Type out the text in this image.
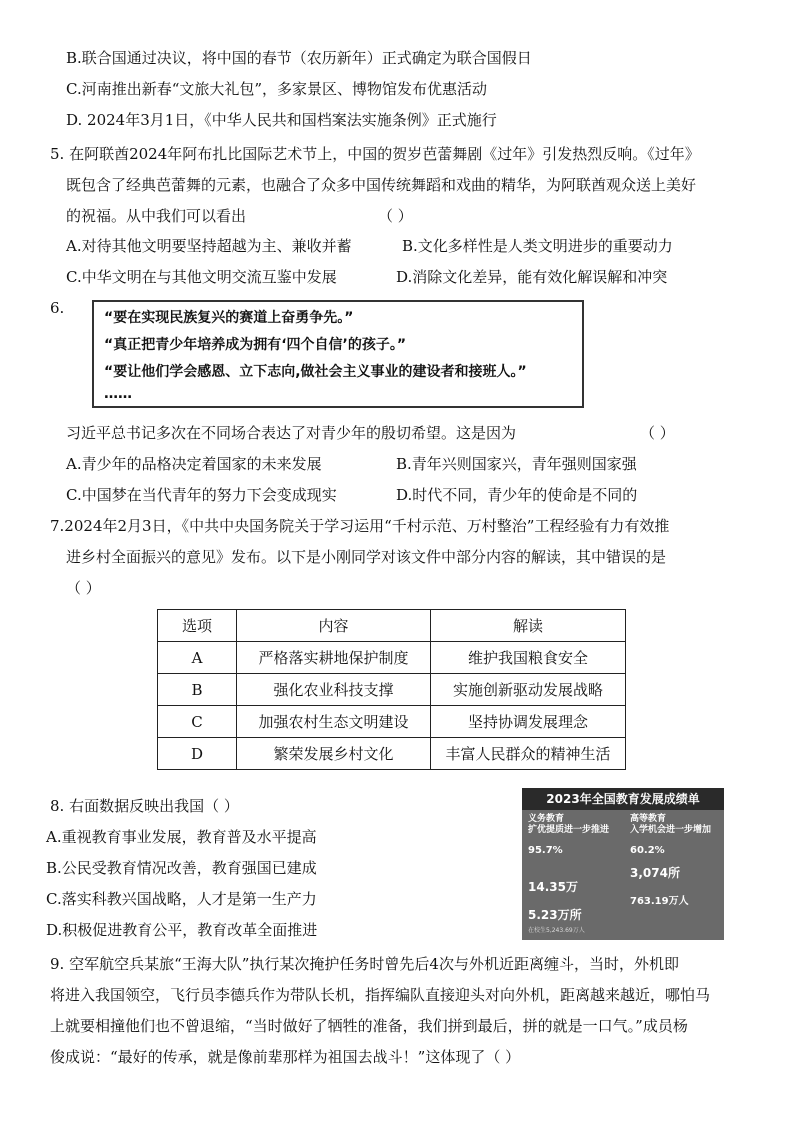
B.联合国通过决议，将中国的春节（农历新年）正式确定为联合国假日
C.河南推出新春“文旅大礼包”，多家景区、博物馆发布优惠活动
D. 2024年3月1日，《中华人民共和国档案法实施条例》正式施行
5. 在阿联酋2024年阿布扎比国际艺术节上，中国的贺岁芭蕾舞剧《过年》引发热烈反响。《过年》
既包含了经典芭蕾舞的元素，也融合了众多中国传统舞蹈和戏曲的精华，为阿联酋观众送上美好
的祝福。从中我们可以看出	（ ）
A.对待其他文明要坚持超越为主、兼收并蓄	B.文化多样性是人类文明进步的重要动力
C.中华文明在与其他文明交流互鉴中发展	D.消除文化差异，能有效化解误解和冲突
6.
“要在实现民族复兴的赛道上奋勇争先。”
“真正把青少年培养成为拥有‘四个自信’的孩子。”
“要让他们学会感恩、立下志向,做社会主义事业的建设者和接班人。”
……
习近平总书记多次在不同场合表达了对青少年的殷切希望。这是因为	（ ）
A.青少年的品格决定着国家的未来发展	B.青年兴则国家兴，青年强则国家强
C.中国梦在当代青年的努力下会变成现实	D.时代不同，青少年的使命是不同的
7.2024年2月3日，《中共中央国务院关于学习运用“千村示范、万村整治”工程经验有力有效推
进乡村全面振兴的意见》发布。以下是小刚同学对该文件中部分内容的解读，其中错误的是
（ ）
选项	内容	解读
A	严格落实耕地保护制度	维护我国粮食安全
B	强化农业科技支撑	实施创新驱动发展战略
C	加强农村生态文明建设	坚持协调发展理念
D	繁荣发展乡村文化	丰富人民群众的精神生活
8. 右面数据反映出我国（ ）
A.重视教育事业发展，教育普及水平提高
B.公民受教育情况改善，教育强国已建成
C.落实科教兴国战略，人才是第一生产力
D.积极促进教育公平，教育改革全面推进
2023年全国教育发展成绩单
义务教育
扩优提质进一步推进
高等教育
入学机会进一步增加
95.7%	60.2%
14.35万
3,074所
5.23万所
763.19万人
在校生5,243.69万人
9. 空军航空兵某旅“王海大队”执行某次掩护任务时曾先后4次与外机近距离缠斗，当时，外机即
将进入我国领空，飞行员李德兵作为带队长机，指挥编队直接迎头对向外机，距离越来越近，哪怕马
上就要相撞他们也不曾退缩，“当时做好了牺牲的准备，我们拼到最后，拼的就是一口气。”成员杨
俊成说：“最好的传承，就是像前辈那样为祖国去战斗！”这体现了（ ）
